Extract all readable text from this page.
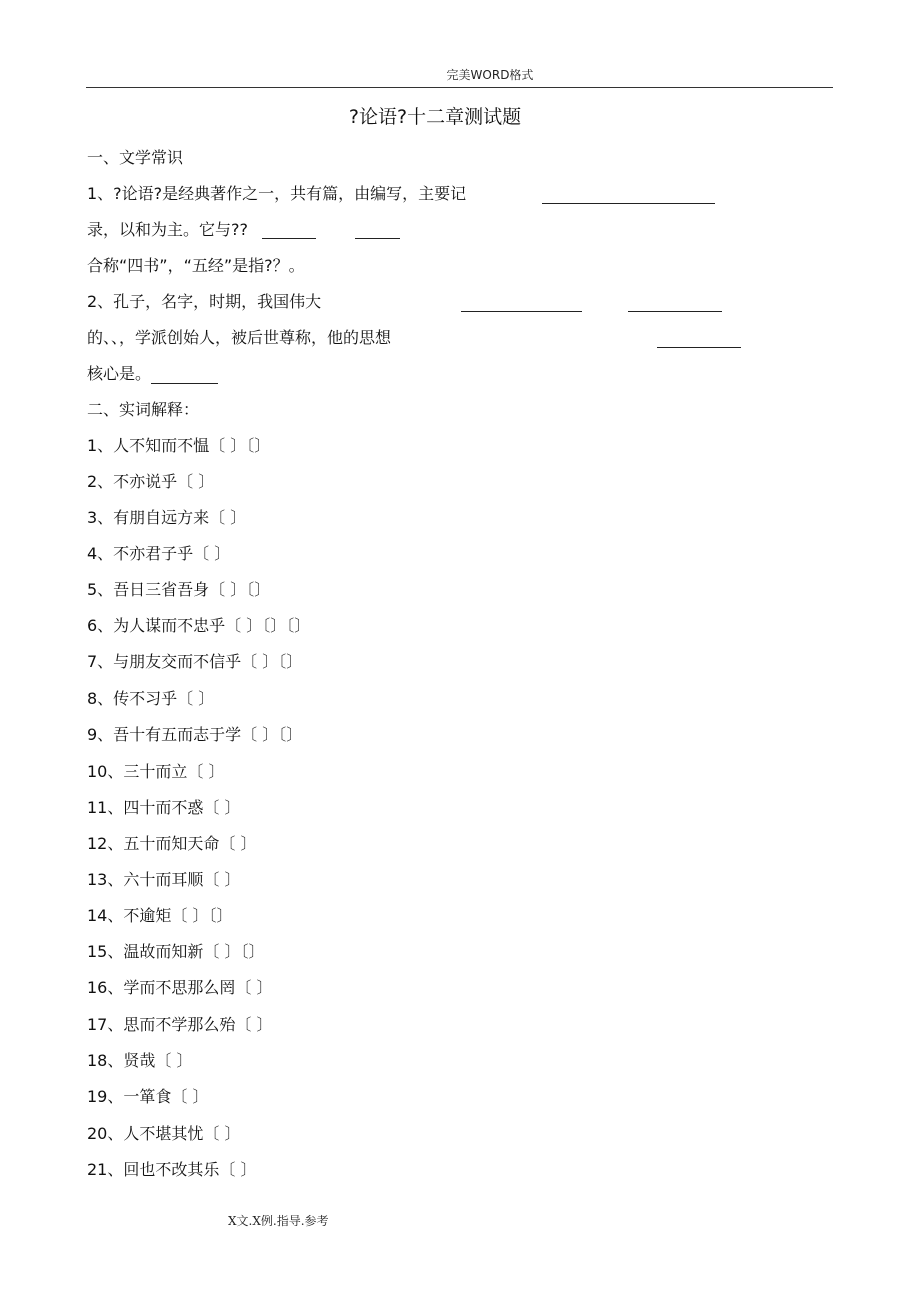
完美WORD格式
?论语?十二章测试题
一、文学常识
1、?论语?是经典著作之一，共有篇，由编写，主要记
录，以和为主。它与??
合称“四书”，“五经”是指?？。
2、孔子，名字，时期，我国伟大
的、、，学派创始人，被后世尊称，他的思想
核心是。
二、实词解释：
1、人不知而不愠〔 〕〔〕
2、不亦说乎〔 〕
3、有朋自远方来〔 〕
4、不亦君子乎〔 〕
5、吾日三省吾身〔 〕〔〕
6、为人谋而不忠乎〔 〕〔〕〔〕
7、与朋友交而不信乎〔 〕〔〕
8、传不习乎〔 〕
9、吾十有五而志于学〔 〕〔〕
10、三十而立〔 〕
11、四十而不惑〔 〕
12、五十而知天命〔 〕
13、六十而耳顺〔 〕
14、不逾矩〔 〕〔〕
15、温故而知新〔 〕〔〕
16、学而不思那么罔〔 〕
17、思而不学那么殆〔 〕
18、贤哉〔 〕
19、一箪食〔 〕
20、人不堪其忧〔 〕
21、回也不改其乐〔 〕
X文.X例.指导.参考
